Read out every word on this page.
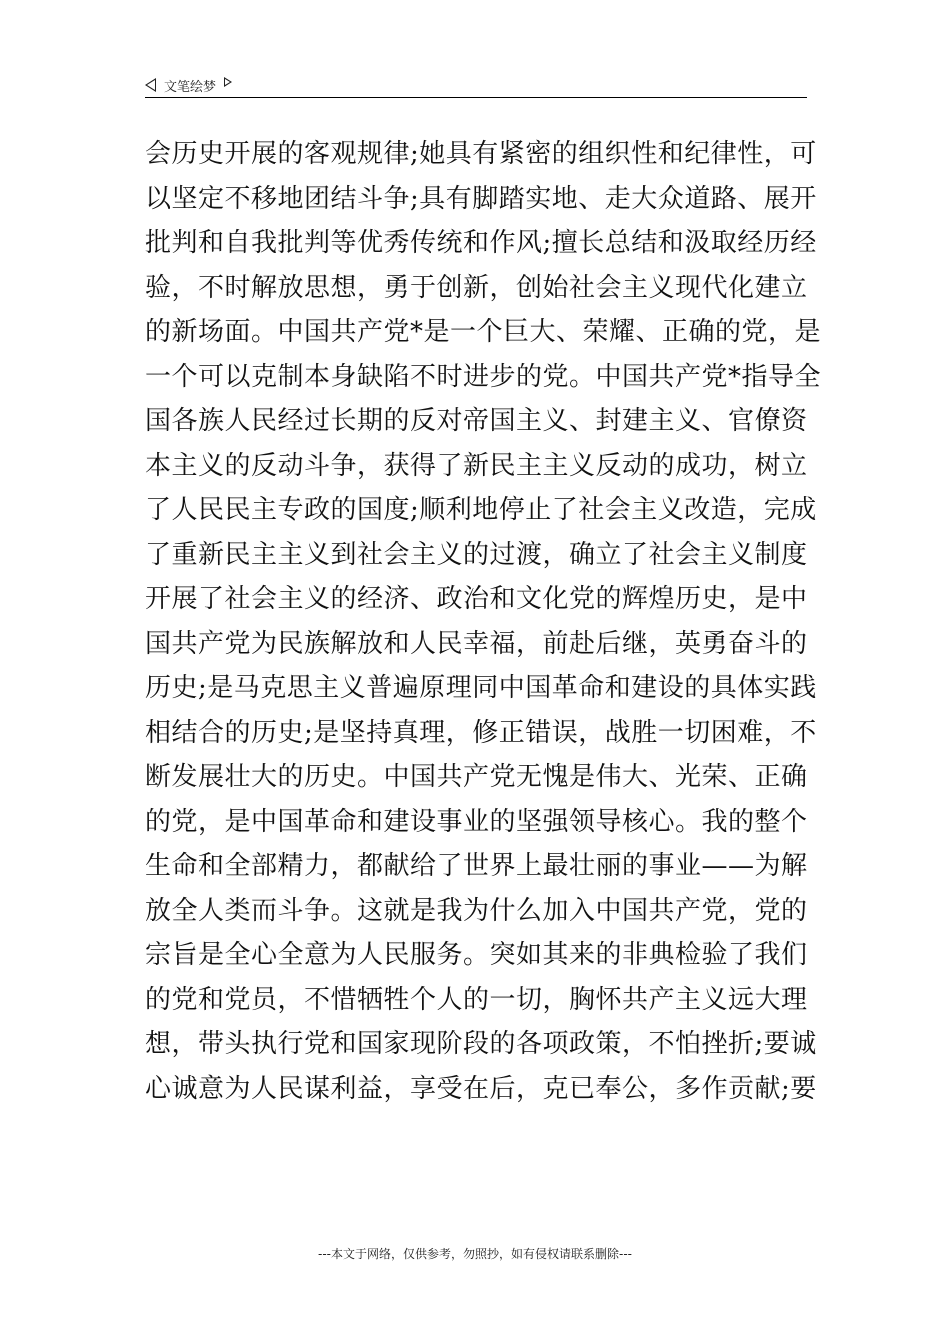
文笔绘梦
会历史开展的客观规律;她具有紧密的组织性和纪律性，可
以坚定不移地团结斗争;具有脚踏实地、走大众道路、展开
批判和自我批判等优秀传统和作风;擅长总结和汲取经历经
验，不时解放思想，勇于创新，创始社会主义现代化建立
的新场面。中国共产党*是一个巨大、荣耀、正确的党，是
一个可以克制本身缺陷不时进步的党。中国共产党*指导全
国各族人民经过长期的反对帝国主义、封建主义、官僚资
本主义的反动斗争，获得了新民主主义反动的成功，树立
了人民民主专政的国度;顺利地停止了社会主义改造，完成
了重新民主主义到社会主义的过渡，确立了社会主义制度
开展了社会主义的经济、政治和文化党的辉煌历史，是中
国共产党为民族解放和人民幸福，前赴后继，英勇奋斗的
历史;是马克思主义普遍原理同中国革命和建设的具体实践
相结合的历史;是坚持真理，修正错误，战胜一切困难，不
断发展壮大的历史。中国共产党无愧是伟大、光荣、正确
的党，是中国革命和建设事业的坚强领导核心。我的整个
生命和全部精力，都献给了世界上最壮丽的事业——为解
放全人类而斗争。这就是我为什么加入中国共产党，党的
宗旨是全心全意为人民服务。突如其来的非典检验了我们
的党和党员，不惜牺牲个人的一切，胸怀共产主义远大理
想，带头执行党和国家现阶段的各项政策，不怕挫折;要诚
心诚意为人民谋利益，享受在后，克已奉公，多作贡献;要
---本文于网络，仅供参考，勿照抄，如有侵权请联系删除---
